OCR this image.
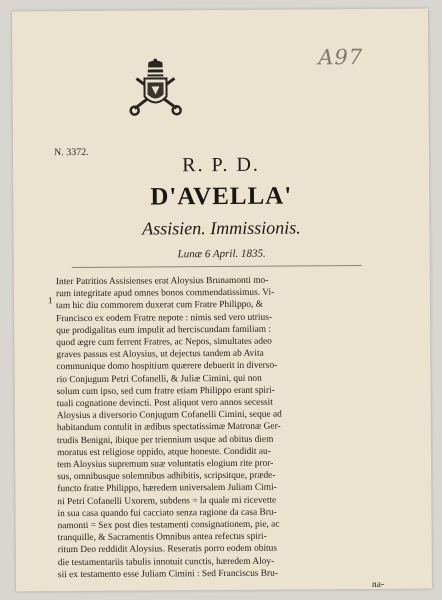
A97
N. 3372.
R. P. D.
D'AVELLA'
Assisien. Immissionis.
Lunæ 6 April. 1835.
1
Inter Patritios Assisienses erat Aloysius Brunamonti mo-
rum integritate apud omnes bonos commendatissimus. Vi-
tam hic diu commorem duxerat cum Fratre Philippo, &
Francisco ex eodem Fratre nepote : nimis sed vero utrius-
que prodigalitas eum impulit ad herciscundam familiam :
quod ægre cum ferrent Fratres, ac Nepos, simultates adeo
graves passus est Aloysius, ut dejectus tandem ab Avita
communique domo hospitium quærere debuerit in diverso-
rio Conjugum Petri Cofanelli, & Juliæ Cimini, qui non
solum cum ipso, sed cum fratre etiam Philippo erant spiri-
tuali cognatione devincti. Post aliquot vero annos secessit
Aloysius a diversorio Conjugum Cofanelli Cimini, seque ad
habitandum contulit in ædibus spectatissimæ Matronæ Ger-
trudis Benigni, ibique per triennium usque ad obitus diem
moratus est religiose oppido, atque honeste. Condidit au-
tem Aloysius supremum suæ voluntatis elogium rite pror-
sus, omnibusque solemnibus adhibitis, scripsitque, præde-
functo fratre Philippo, hæredem universalem Juliam Cimi-
ni Petri Cofanelli Uxorem, subdens = la quale mi ricevette
in sua casa quando fui cacciato senza ragione da casa Bru-
namonti = Sex post dies testamenti consignationem, pie, ac
tranquille, & Sacramentis Omnibus antea refectus spiri-
ritum Deo reddidit Aloysius. Reseratis porro eodem obitus
die testamentariis tabulis innotuit cunctis, hæredem Aloy-
sii ex testamento esse Juliam Cimini : Sed Franciscus Bru-
na-
